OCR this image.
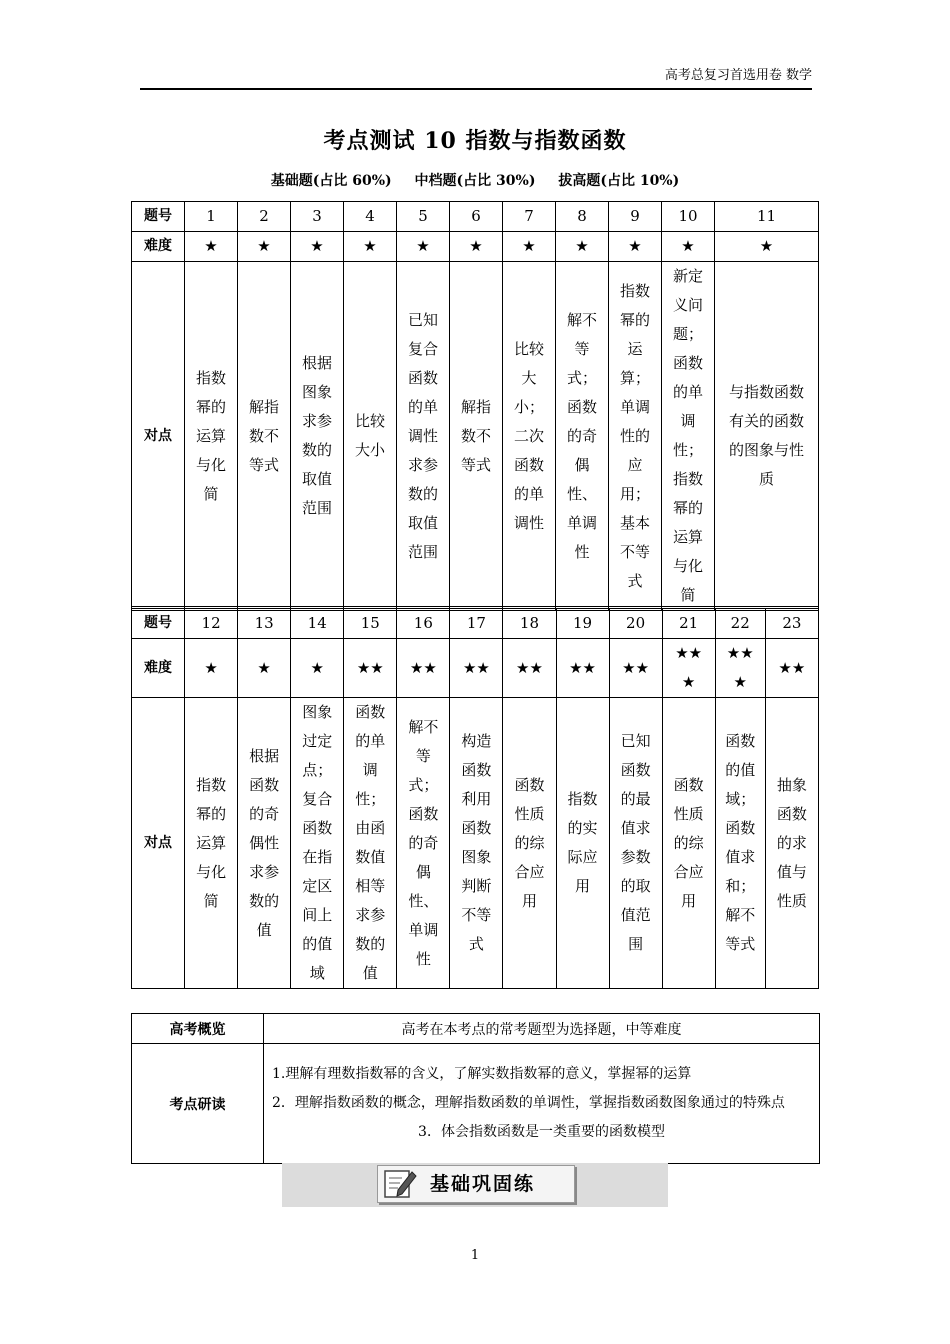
高考总复习首选用卷 数学
考点测试 10 指数与指数函数
基础题(占比 60%) 中档题(占比 30%) 拔高题(占比 10%)
题号	1	2	3	4	5	6	7	8	9	10	11
难度	★	★	★	★	★	★	★	★	★	★	★
对点	指数幂的运算与化简	解指数不等式	根据图象求参数的取值范围	比较大小	已知复合函数的单调性求参数的取值范围	解指数不等式	比较大小；二次函数的单调性	解不等式；函数的奇偶性、单调性	指数幂的运算；单调性的应用；基本不等式	新定义问题；函数的单调性；指数幂的运算与化简	与指数函数有关的函数的图象与性质
题号	12	13	14	15	16	17	18	19	20	21	22	23
难度	★	★	★	★★	★★	★★	★★	★★	★★	★★★	★★★	★★
对点	指数幂的运算与化简	根据函数的奇偶性求参数的值	图象过定点；复合函数在指定区间上的值域	函数的单调性；由函数值相等求参数的值	解不等式；函数的奇偶性、单调性	构造函数利用函数图象判断不等式	函数性质的综合应用	指数的实际应用	已知函数的最值求参数的取值范围	函数性质的综合应用	函数的值域；函数值求和；解不等式	抽象函数的求值与性质
高考概览	高考在本考点的常考题型为选择题，中等难度
考点研读	1.理解有理数指数幂的含义，了解实数指数幂的意义，掌握幂的运算
2．理解指数函数的概念，理解指数函数的单调性，掌握指数函数图象通过的特殊点
3．体会指数函数是一类重要的函数模型
基础巩固练
1
